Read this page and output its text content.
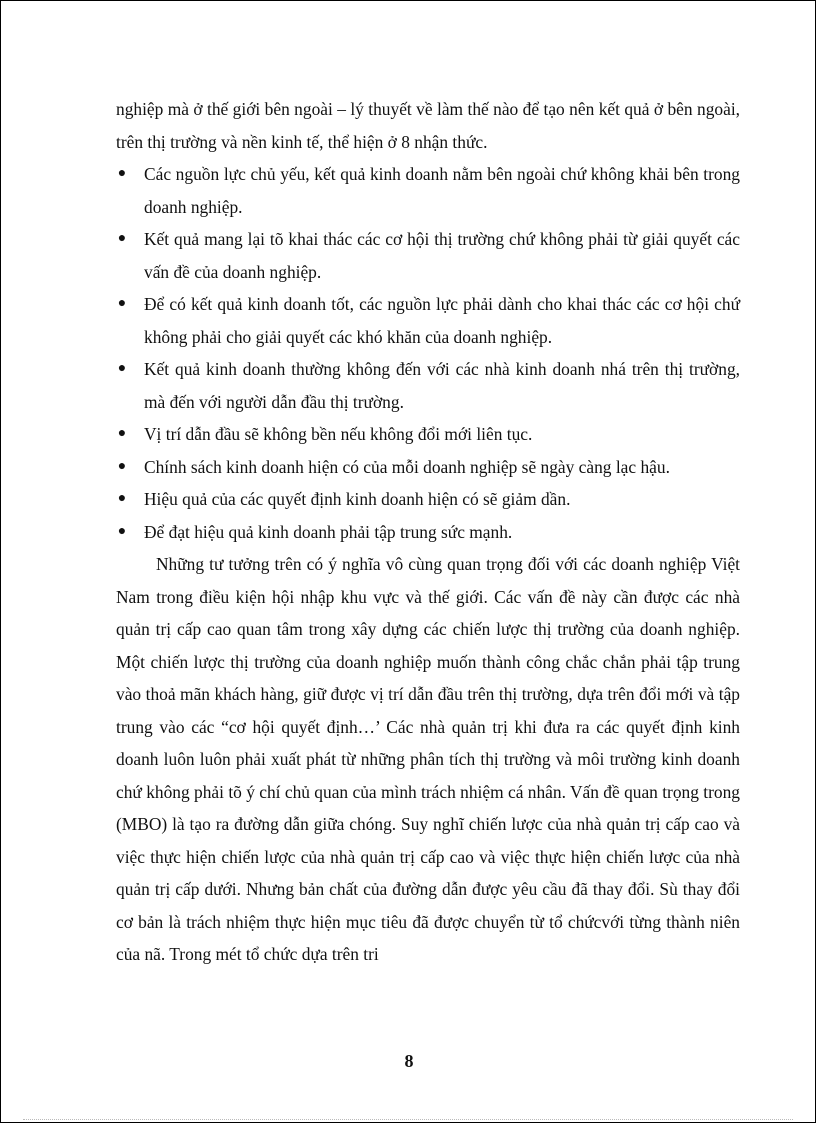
nghiệp mà ở thế giới bên ngoài – lý thuyết về làm thế nào để tạo nên kết quả ở bên ngoài, trên thị trường và nền kinh tế, thể hiện ở 8 nhận thức.

● Các nguồn lực chủ yếu, kết quả kinh doanh nằm bên ngoài chứ không khải bên trong doanh nghiệp.
● Kết quả mang lại tõ khai thác các cơ hội thị trường chứ không phải từ giải quyết các vấn đề của doanh nghiệp.
● Để có kết quả kinh doanh tốt, các nguồn lực phải dành cho khai thác các cơ hội chứ không phải cho giải quyết các khó khăn của doanh nghiệp.
● Kết quả kinh doanh thường không đến với các nhà kinh doanh nhá trên thị trường, mà đến với người dẫn đầu thị trường.
● Vị trí dẫn đầu sẽ không bền nếu không đổi mới liên tục.
● Chính sách kinh doanh hiện có của mỗi doanh nghiệp sẽ ngày càng lạc hậu.
● Hiệu quả của các quyết định kinh doanh hiện có sẽ giảm dần.
● Để đạt hiệu quả kinh doanh phải tập trung sức mạnh.

Những tư tưởng trên có ý nghĩa vô cùng quan trọng đối với các doanh nghiệp Việt Nam trong điều kiện hội nhập khu vực và thế giới. Các vấn đề này cần được các nhà quản trị cấp cao quan tâm trong xây dựng các chiến lược thị trường của doanh nghiệp. Một chiến lược thị trường của doanh nghiệp muốn thành công chắc chắn phải tập trung vào thoả mãn khách hàng, giữ được vị trí dẫn đầu trên thị trường, dựa trên đổi mới và tập trung vào các “cơ hội quyết định…’ Các nhà quản trị khi đưa ra các quyết định kinh doanh luôn luôn phải xuất phát từ những phân tích thị trường và môi trường kinh doanh chứ không phải tõ ý chí chủ quan của mình trách nhiệm cá nhân. Vấn đề quan trọng trong (MBO) là tạo ra đường dẫn giữa chóng. Suy nghĩ chiến lược của nhà quản trị cấp cao và việc thực hiện chiến lược của nhà quản trị cấp cao và việc thực hiện chiến lược của nhà quản trị cấp dưới. Nhưng bản chất của đường dẫn được yêu cầu đã thay đổi. Sù thay đổi cơ bản là trách nhiệm thực hiện mục tiêu đã được chuyển từ tổ chứcvới từng thành niên của nã. Trong mét tổ chức dựa trên tri

8
